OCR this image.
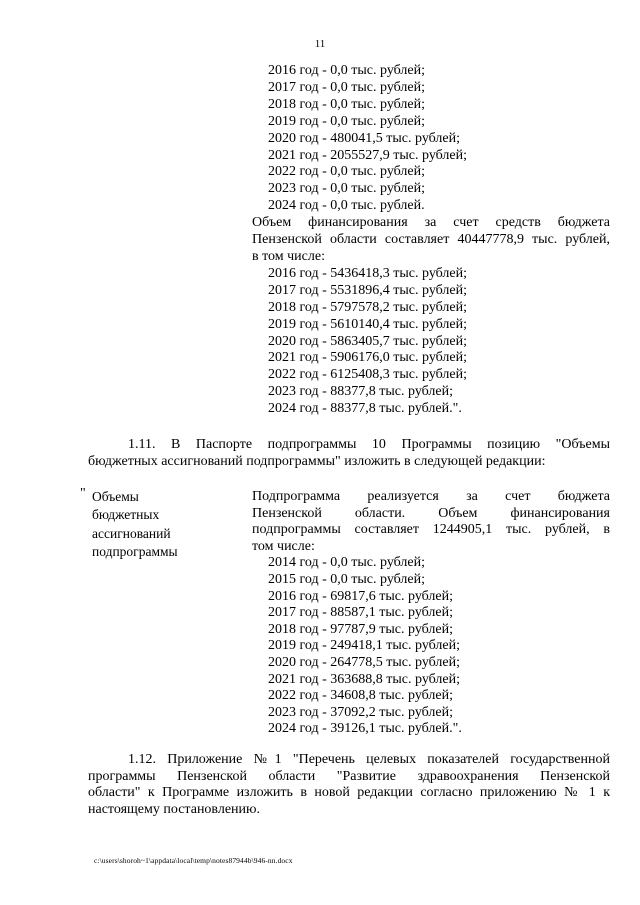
11
2016 год - 0,0 тыс. рублей;
2017 год - 0,0 тыс. рублей;
2018 год - 0,0 тыс. рублей;
2019 год - 0,0 тыс. рублей;
2020 год - 480041,5 тыс. рублей;
2021 год - 2055527,9 тыс. рублей;
2022 год - 0,0 тыс. рублей;
2023 год - 0,0 тыс. рублей;
2024 год - 0,0 тыс. рублей.
Объем финансирования за счет средств бюджета
Пензенской области составляет 40447778,9 тыс. рублей,
в том числе:
2016 год - 5436418,3 тыс. рублей;
2017 год - 5531896,4 тыс. рублей;
2018 год - 5797578,2 тыс. рублей;
2019 год - 5610140,4 тыс. рублей;
2020 год - 5863405,7 тыс. рублей;
2021 год - 5906176,0 тыс. рублей;
2022 год - 6125408,3 тыс. рублей;
2023 год - 88377,8 тыс. рублей;
2024 год - 88377,8 тыс. рублей.".
1.11. В Паспорте подпрограммы 10 Программы позицию "Объемы
бюджетных ассигнований подпрограммы" изложить в следующей редакции:
" Объемы
бюджетных
ассигнований
подпрограммы
Подпрограмма реализуется за счет бюджета
Пензенской области. Объем финансирования
подпрограммы составляет 1244905,1 тыс. рублей, в
том числе:
2014 год - 0,0 тыс. рублей;
2015 год - 0,0 тыс. рублей;
2016 год - 69817,6 тыс. рублей;
2017 год - 88587,1 тыс. рублей;
2018 год - 97787,9 тыс. рублей;
2019 год - 249418,1 тыс. рублей;
2020 год - 264778,5 тыс. рублей;
2021 год - 363688,8 тыс. рублей;
2022 год - 34608,8 тыс. рублей;
2023 год - 37092,2 тыс. рублей;
2024 год - 39126,1 тыс. рублей.".
1.12. Приложение №1 "Перечень целевых показателей государственной
программы Пензенской области "Развитие здравоохранения Пензенской
области" к Программе изложить в новой редакции согласно приложению № 1 к
настоящему постановлению.
c:\users\shoroh~1\appdata\local\temp\notes87944b\946-nn.docx
